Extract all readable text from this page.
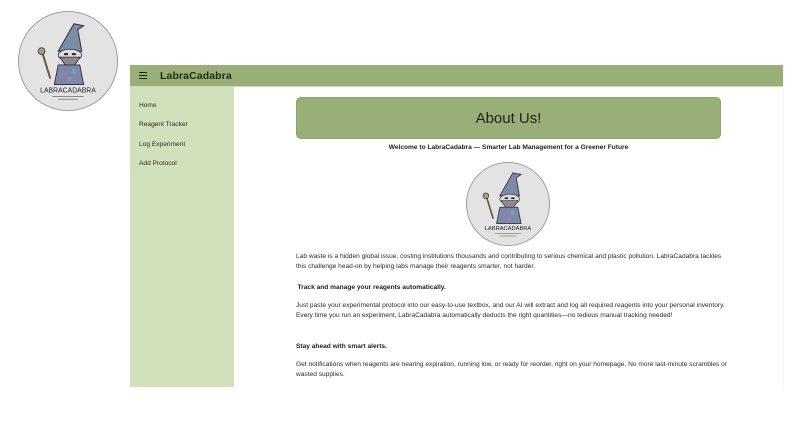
LABRACADABRA
LabraCadabra
Home
Reagent Tracker
Log Experiment
Add Protocol
About Us!
Welcome to LabraCadabra — Smarter Lab Management for a Greener Future
Lab waste is a hidden global issue, costing institutions thousands and contributing to serious chemical and plastic pollution. LabraCadabra tackles this challenge head-on by helping labs manage their reagents smarter, not harder.
Track and manage your reagents automatically.
Just paste your experimental protocol into our easy-to-use textbox, and our AI will extract and log all required reagents into your personal inventory. Every time you run an experiment, LabraCadabra automatically deducts the right quantities—no tedious manual tracking needed!
Stay ahead with smart alerts.
Get notifications when reagents are nearing expiration, running low, or ready for reorder, right on your homepage. No more last-minute scrambles or wasted supplies.
LABRACADABRA
